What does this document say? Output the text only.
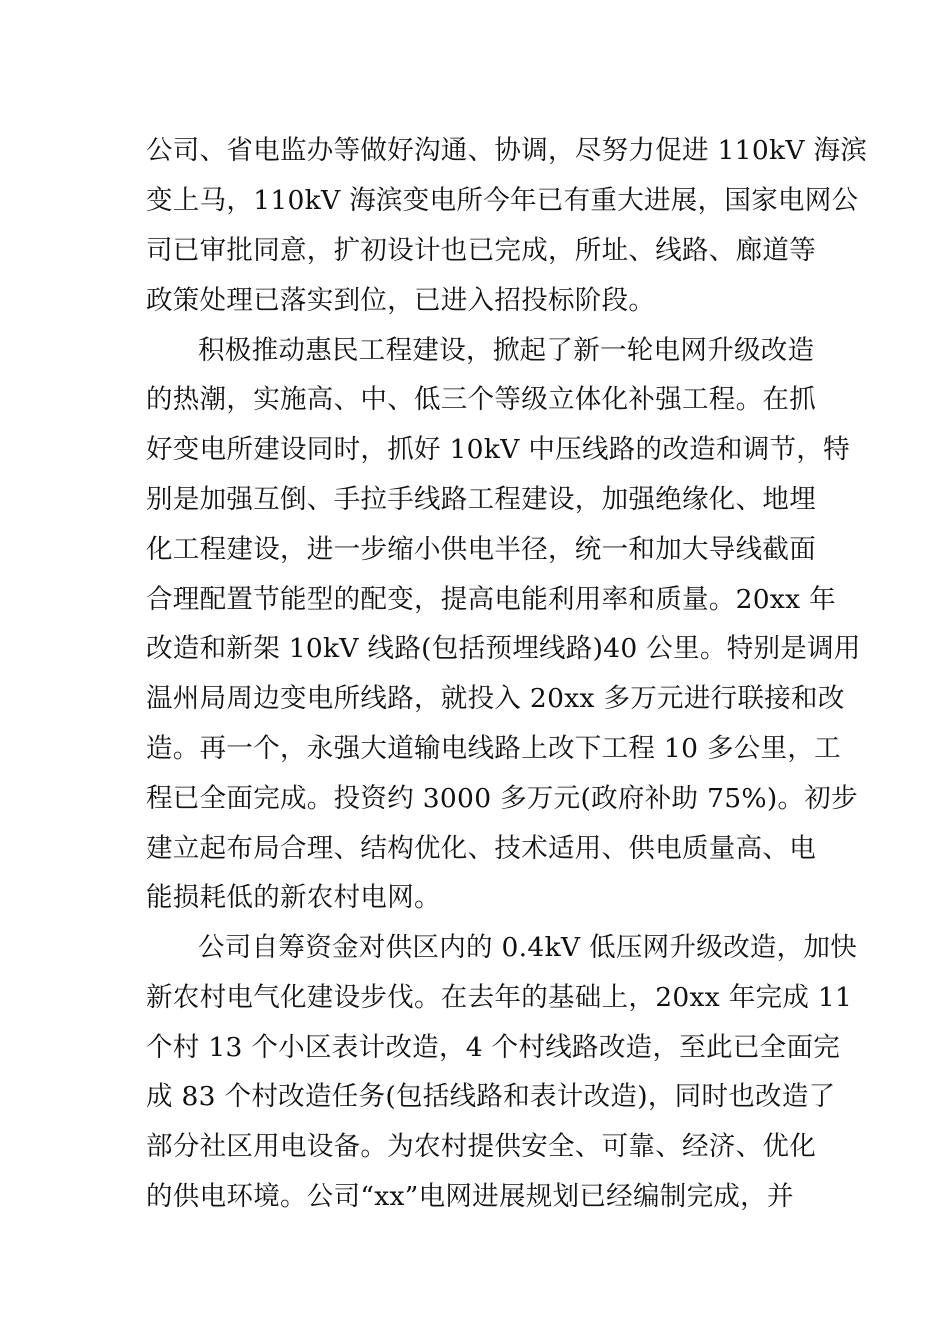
公司、省电监办等做好沟通、协调，尽努力促进 110kV 海滨
变上马，110kV 海滨变电所今年已有重大进展，国家电网公
司已审批同意，扩初设计也已完成，所址、线路、廊道等
政策处理已落实到位，已进入招投标阶段。
积极推动惠民工程建设，掀起了新一轮电网升级改造
的热潮，实施高、中、低三个等级立体化补强工程。在抓
好变电所建设同时，抓好 10kV 中压线路的改造和调节，特
别是加强互倒、手拉手线路工程建设，加强绝缘化、地埋
化工程建设，进一步缩小供电半径，统一和加大导线截面
合理配置节能型的配变，提高电能利用率和质量。20xx 年
改造和新架 10kV 线路(包括预埋线路)40 公里。特别是调用
温州局周边变电所线路，就投入 20xx 多万元进行联接和改
造。再一个，永强大道输电线路上改下工程 10 多公里，工
程已全面完成。投资约 3000 多万元(政府补助 75%)。初步
建立起布局合理、结构优化、技术适用、供电质量高、电
能损耗低的新农村电网。
公司自筹资金对供区内的 0.4kV 低压网升级改造，加快
新农村电气化建设步伐。在去年的基础上，20xx 年完成 11
个村 13 个小区表计改造，4 个村线路改造，至此已全面完
成 83 个村改造任务(包括线路和表计改造)，同时也改造了
部分社区用电设备。为农村提供安全、可靠、经济、优化
的供电环境。公司“xx”电网进展规划已经编制完成，并
